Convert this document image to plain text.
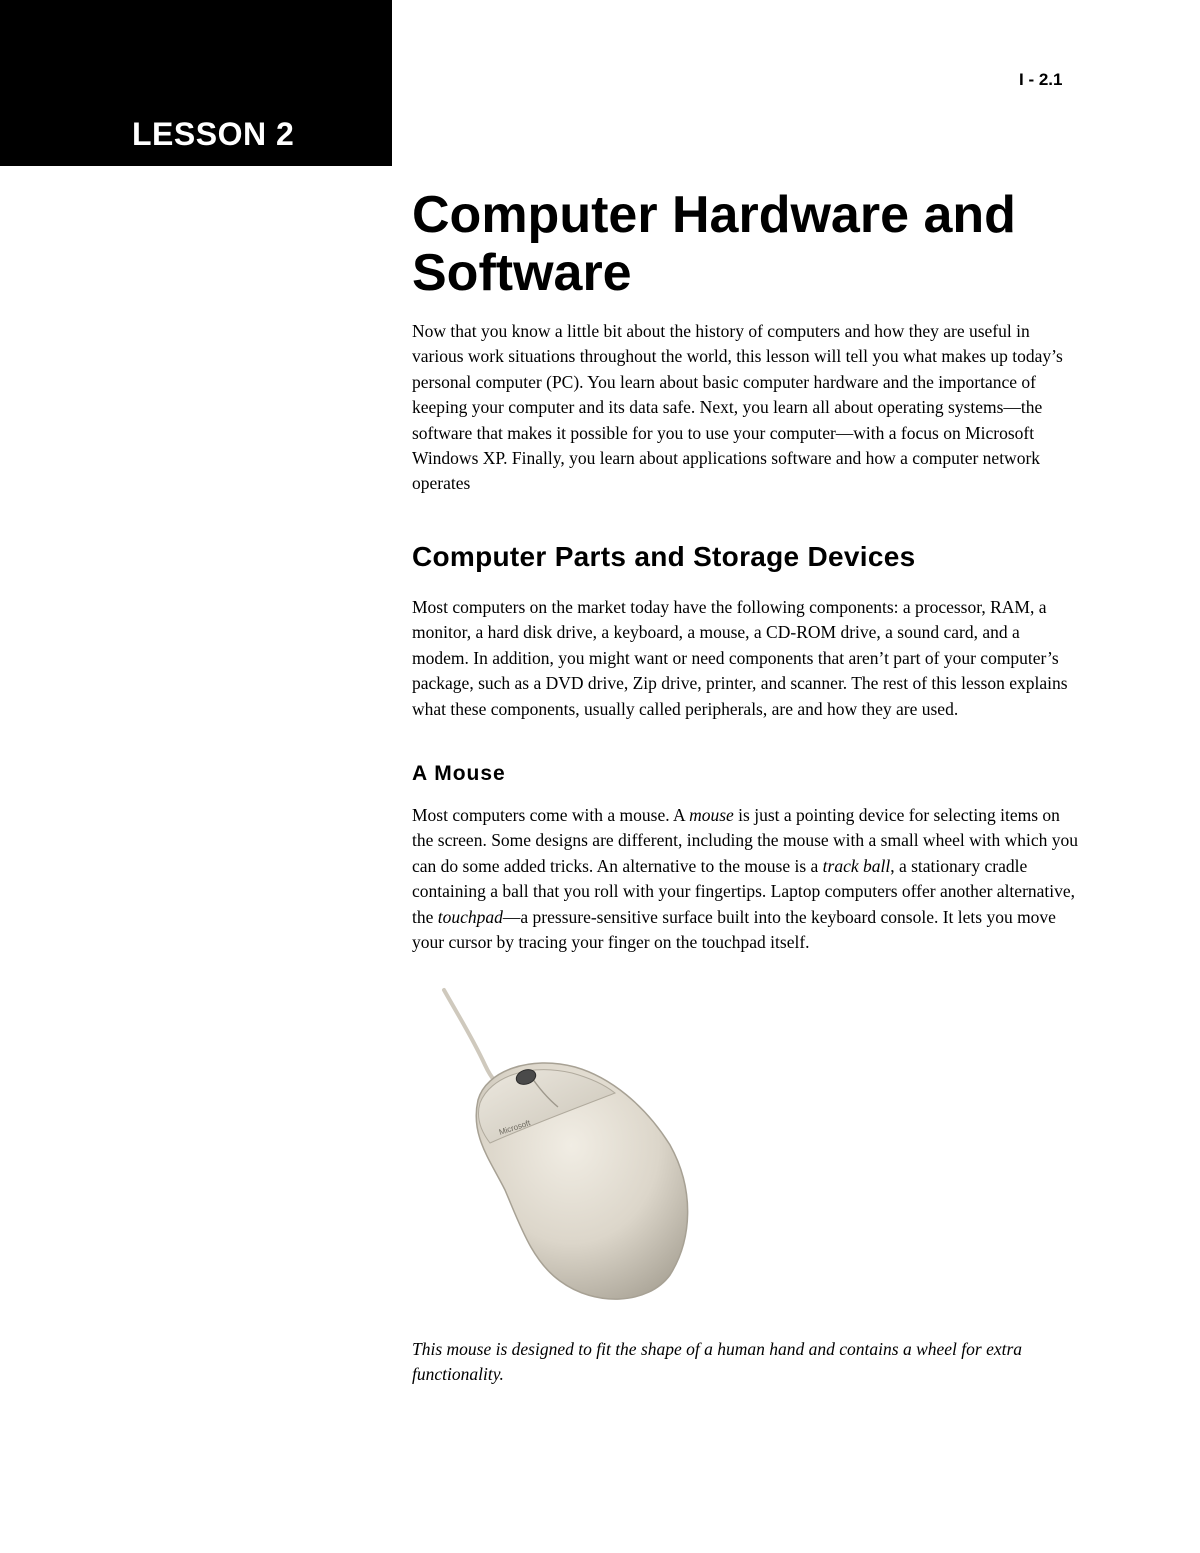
LESSON 2
I - 2.1
Computer Hardware and Software

Now that you know a little bit about the history of computers and how they are useful in various work situations throughout the world, this lesson will tell you what makes up today’s personal computer (PC). You learn about basic computer hardware and the importance of keeping your computer and its data safe. Next, you learn all about operating systems—the software that makes it possible for you to use your computer—with a focus on Microsoft Windows XP. Finally, you learn about applications software and how a computer network operates

Computer Parts and Storage Devices

Most computers on the market today have the following components: a processor, RAM, a monitor, a hard disk drive, a keyboard, a mouse, a CD-ROM drive, a sound card, and a modem. In addition, you might want or need components that aren’t part of your computer’s package, such as a DVD drive, Zip drive, printer, and scanner. The rest of this lesson explains what these components, usually called peripherals, are and how they are used.

A Mouse

Most computers come with a mouse. A mouse is just a pointing device for selecting items on the screen. Some designs are different, including the mouse with a small wheel with which you can do some added tricks. An alternative to the mouse is a track ball, a stationary cradle containing a ball that you roll with your fingertips. Laptop computers offer another alternative, the touchpad—a pressure-sensitive surface built into the keyboard console. It lets you move your cursor by tracing your finger on the touchpad itself.

Microsoft

This mouse is designed to fit the shape of a human hand and contains a wheel for extra functionality.
